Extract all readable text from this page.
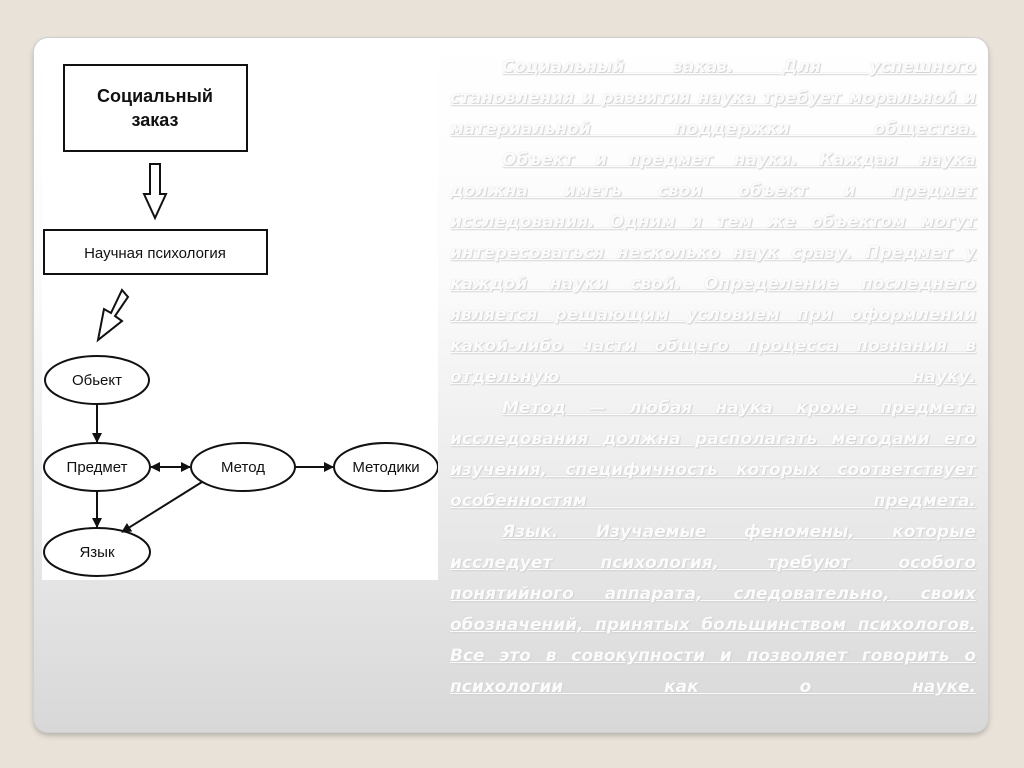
Социальный
заказ
Научная психология
Обьект
Предмет	Метод	Методики
Язык

Социальный заказ. Для успешного становления и развития наука требует моральной и материальной поддержки общества.

Объект и предмет науки. Каждая наука должна иметь свои объект и предмет исследования. Одним и тем же объектом могут интересоваться несколько наук сразу. Предмет у каждой науки свой. Определение последнего является решающим условием при оформлении какой-либо части общего процесса познания в отдельную науку.

Метод — любая наука кроме предмета исследования должна располагать методами его изучения, специфичность которых соответствует особенностям предмета.

Язык. Изучаемые феномены, которые исследует психология, требуют особого понятийного аппарата, следовательно, своих обозначений, принятых большинством психологов. Все это в совокупности и позволяет говорить о психологии как о науке.
